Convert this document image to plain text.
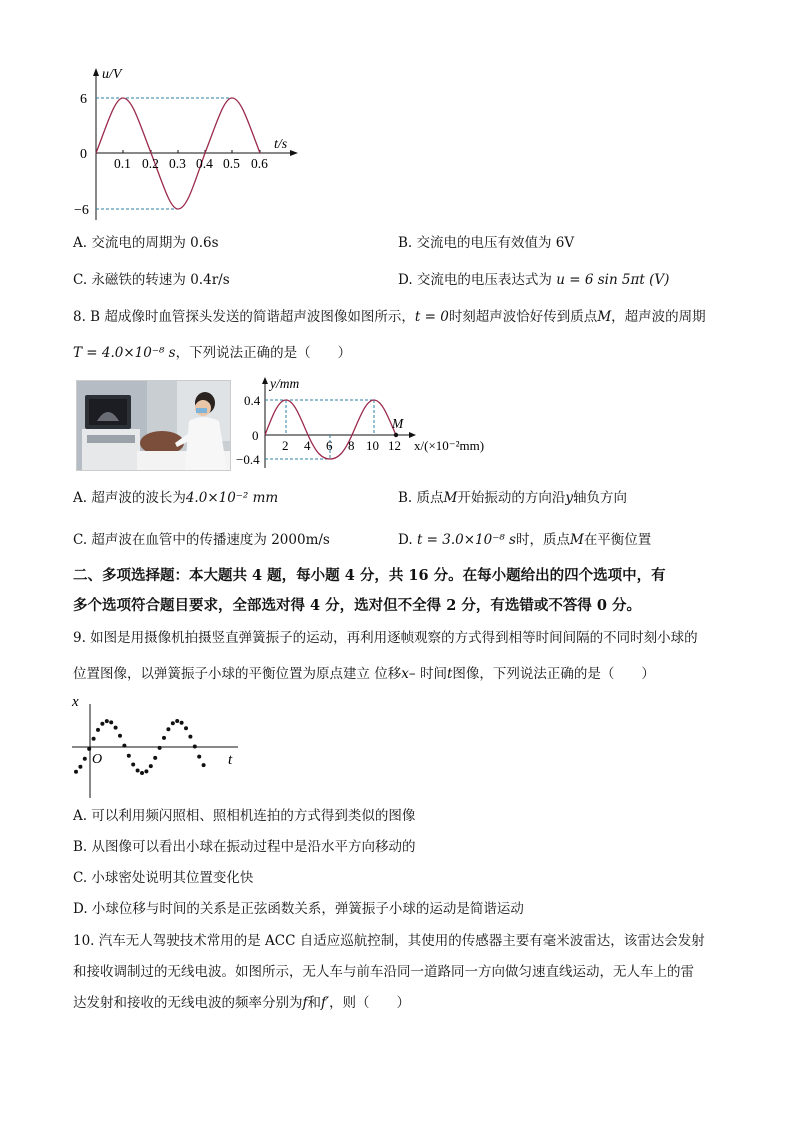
u/V
t/s
6
0
−6
0.1 0.2 0.3 0.4 0.5 0.6
A. 交流电的周期为 0.6s	B. 交流电的电压有效值为 6V
C. 永磁铁的转速为 0.4r/s	D. 交流电的电压表达式为 u = 6 sin 5πt (V)
8. B 超成像时血管探头发送的简谐超声波图像如图所示，t = 0时刻超声波恰好传到质点M，超声波的周期
T = 4.0×10⁻⁸ s，下列说法正确的是（　　）
y/mm
0.4
0
−0.4
2 4 6 8 10 12
M
x/(×10⁻²mm)
A. 超声波的波长为4.0×10⁻² mm	B. 质点M开始振动的方向沿y轴负方向
C. 超声波在血管中的传播速度为 2000m/s	D. t = 3.0×10⁻⁸ s时，质点M在平衡位置
二、多项选择题：本大题共 4 题，每小题 4 分，共 16 分。在每小题给出的四个选项中，有
多个选项符合题目要求，全部选对得 4 分，选对但不全得 2 分，有选错或不答得 0 分。
9. 如图是用摄像机拍摄竖直弹簧振子的运动，再利用逐帧观察的方式得到相等时间间隔的不同时刻小球的
位置图像，以弹簧振子小球的平衡位置为原点建立 位移x– 时间t图像，下列说法正确的是（　　）
x
t
O
A. 可以利用频闪照相、照相机连拍的方式得到类似的图像
B. 从图像可以看出小球在振动过程中是沿水平方向移动的
C. 小球密处说明其位置变化快
D. 小球位移与时间的关系是正弦函数关系，弹簧振子小球的运动是简谐运动
10. 汽车无人驾驶技术常用的是 ACC 自适应巡航控制，其使用的传感器主要有毫米波雷达，该雷达会发射
和接收调制过的无线电波。如图所示，无人车与前车沿同一道路同一方向做匀速直线运动，无人车上的雷
达发射和接收的无线电波的频率分别为f和f′，则（　　）
